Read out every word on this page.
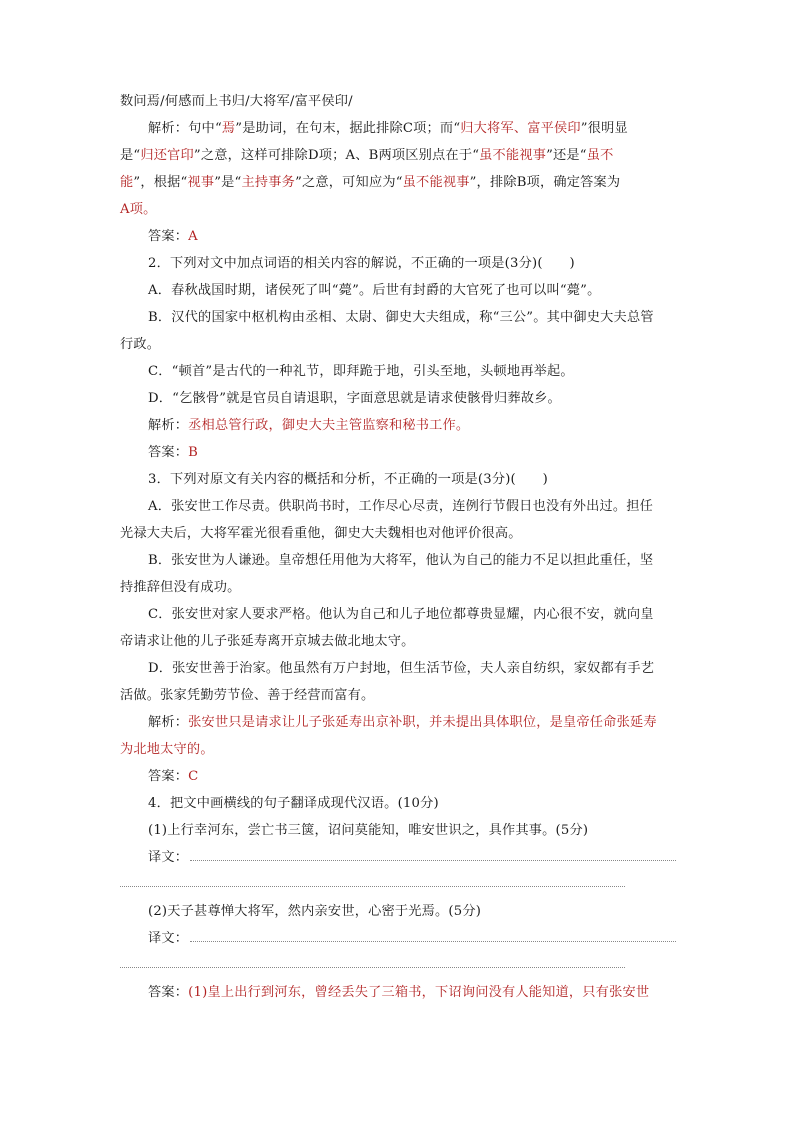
数问焉/何感而上书归/大将军/富平侯印/
解析：句中“焉”是助词，在句末，据此排除C项；而“归大将军、富平侯印”很明显
是“归还官印”之意，这样可排除D项；A、B两项区别点在于“虽不能视事”还是“虽不
能”，根据“视事”是“主持事务”之意，可知应为“虽不能视事”，排除B项，确定答案为
A项。
答案：A
2．下列对文中加点词语的相关内容的解说，不正确的一项是(3分)(　　)
A．春秋战国时期，诸侯死了叫“薨”。后世有封爵的大官死了也可以叫“薨”。
B．汉代的国家中枢机构由丞相、太尉、御史大夫组成，称“三公”。其中御史大夫总管
行政。
C．“顿首”是古代的一种礼节，即拜跪于地，引头至地，头顿地再举起。
D．“乞骸骨”就是官员自请退职，字面意思就是请求使骸骨归葬故乡。
解析：丞相总管行政，御史大夫主管监察和秘书工作。
答案：B
3．下列对原文有关内容的概括和分析，不正确的一项是(3分)(　　)
A．张安世工作尽责。供职尚书时，工作尽心尽责，连例行节假日也没有外出过。担任
光禄大夫后，大将军霍光很看重他，御史大夫魏相也对他评价很高。
B．张安世为人谦逊。皇帝想任用他为大将军，他认为自己的能力不足以担此重任，坚
持推辞但没有成功。
C．张安世对家人要求严格。他认为自己和儿子地位都尊贵显耀，内心很不安，就向皇
帝请求让他的儿子张延寿离开京城去做北地太守。
D．张安世善于治家。他虽然有万户封地，但生活节俭，夫人亲自纺织，家奴都有手艺
活做。张家凭勤劳节俭、善于经营而富有。
解析：张安世只是请求让儿子张延寿出京补职，并未提出具体职位，是皇帝任命张延寿
为北地太守的。
答案：C
4．把文中画横线的句子翻译成现代汉语。(10分)
(1)上行幸河东，尝亡书三箧，诏问莫能知，唯安世识之，具作其事。(5分)
译文：
(2)天子甚尊惮大将军，然内亲安世，心密于光焉。(5分)
译文：
答案：(1)皇上出行到河东，曾经丢失了三箱书，下诏询问没有人能知道，只有张安世
